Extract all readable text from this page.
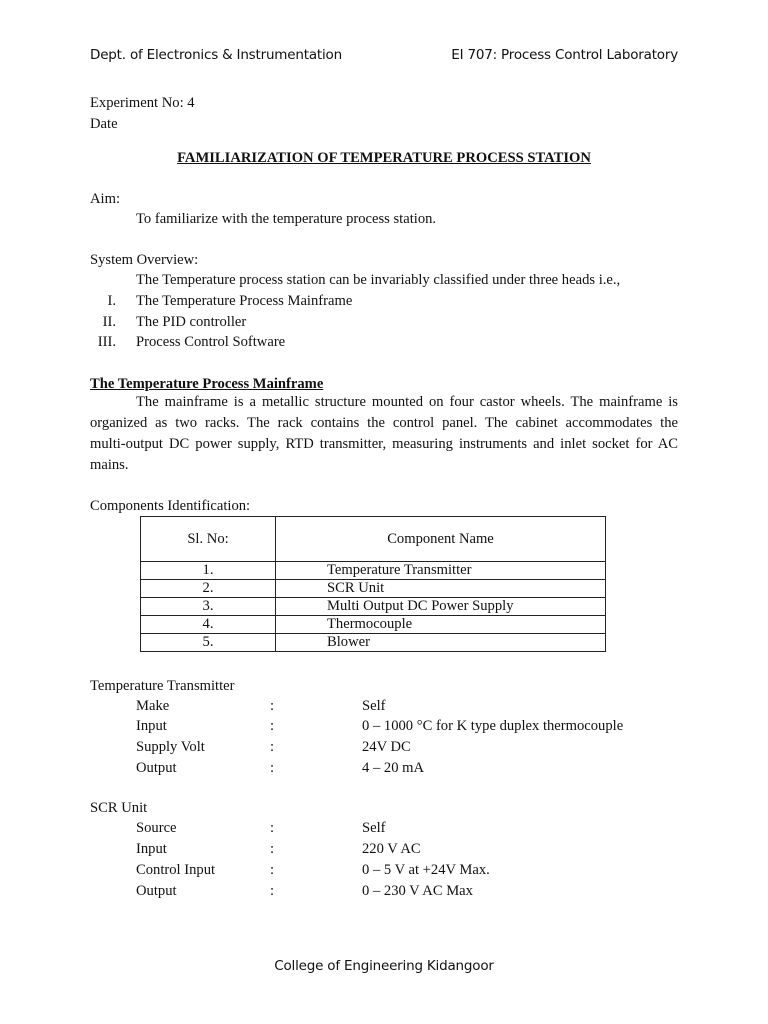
Dept. of Electronics & Instrumentation	EI 707: Process Control Laboratory
Experiment No: 4
Date
FAMILIARIZATION OF TEMPERATURE PROCESS STATION
Aim:
To familiarize with the temperature process station.
System Overview:
The Temperature process station can be invariably classified under three heads i.e.,
I. The Temperature Process Mainframe
II. The PID controller
III. Process Control Software
The Temperature Process Mainframe
The mainframe is a metallic structure mounted on four castor wheels. The mainframe is
organized as two racks. The rack contains the control panel. The cabinet accommodates the
multi-output DC power supply, RTD transmitter, measuring instruments and inlet socket for AC
mains.
Components Identification:
Sl. No:	Component Name
1.	Temperature Transmitter
2.	SCR Unit
3.	Multi Output DC Power Supply
4.	Thermocouple
5.	Blower
Temperature Transmitter
Make	:	Self
Input	:	0 – 1000 °C for K type duplex thermocouple
Supply Volt	:	24V DC
Output	:	4 – 20 mA
SCR Unit
Source	:	Self
Input	:	220 V AC
Control Input	:	0 – 5 V at +24V Max.
Output	:	0 – 230 V AC Max
College of Engineering Kidangoor
